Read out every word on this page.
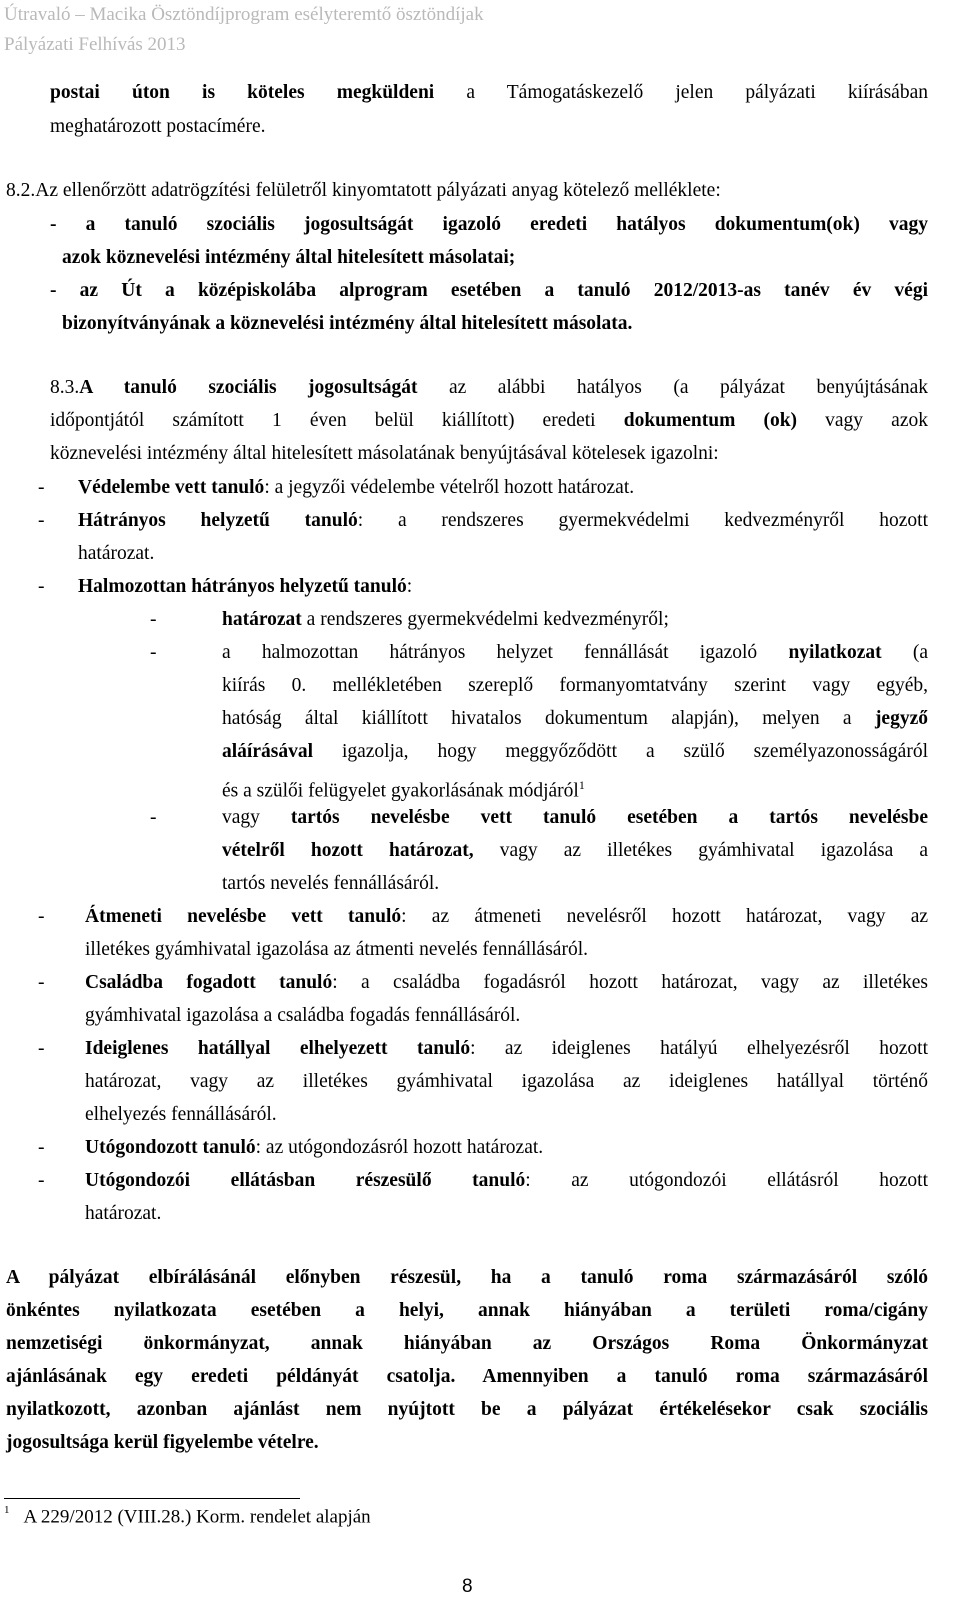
Útravaló – Macika Ösztöndíjprogram esélyteremtő ösztöndíjak
Pályázati Felhívás 2013
postai úton is köteles megküldeni a Támogatáskezelő jelen pályázati kiírásában
meghatározott postacímére.
8.2.Az ellenőrzött adatrögzítési felületről kinyomtatott pályázati anyag kötelező melléklete:
- a tanuló szociális jogosultságát igazoló eredeti hatályos dokumentum(ok) vagy
azok köznevelési intézmény által hitelesített másolatai;
- az Út a középiskolába alprogram esetében a tanuló 2012/2013-as tanév év végi
bizonyítványának a köznevelési intézmény által hitelesített másolata.
8.3.A tanuló szociális jogosultságát az alábbi hatályos (a pályázat benyújtásának
időpontjától számított 1 éven belül kiállított) eredeti dokumentum (ok) vagy azok
köznevelési intézmény által hitelesített másolatának benyújtásával kötelesek igazolni:
- Védelembe vett tanuló: a jegyzői védelembe vételről hozott határozat.
- Hátrányos helyzetű tanuló: a rendszeres gyermekvédelmi kedvezményről hozott
határozat.
- Halmozottan hátrányos helyzetű tanuló:
-	határozat a rendszeres gyermekvédelmi kedvezményről;
-	a halmozottan hátrányos helyzet fennállását igazoló nyilatkozat (a
kiírás 0. mellékletében szereplő formanyomtatvány szerint vagy egyéb,
hatóság által kiállított hivatalos dokumentum alapján), melyen a jegyző
aláírásával igazolja, hogy meggyőződött a szülő személyazonosságáról
és a szülői felügyelet gyakorlásának módjáról$^1$
-	vagy tartós nevelésbe vett tanuló esetében a tartós nevelésbe
vételről hozott határozat, vagy az illetékes gyámhivatal igazolása a
tartós nevelés fennállásáról.
- Átmeneti nevelésbe vett tanuló: az átmeneti nevelésről hozott határozat, vagy az
illetékes gyámhivatal igazolása az átmenti nevelés fennállásáról.
- Családba fogadott tanuló: a családba fogadásról hozott határozat, vagy az illetékes
gyámhivatal igazolása a családba fogadás fennállásáról.
- Ideiglenes hatállyal elhelyezett tanuló: az ideiglenes hatályú elhelyezésről hozott
határozat, vagy az illetékes gyámhivatal igazolása az ideiglenes hatállyal történő
elhelyezés fennállásáról.
- Utógondozott tanuló: az utógondozásról hozott határozat.
- Utógondozói ellátásban részesülő tanuló: az utógondozói ellátásról hozott
határozat.
A pályázat elbírálásánál előnyben részesül, ha a tanuló roma származásáról szóló
önkéntes nyilatkozata esetében a helyi, annak hiányában a területi roma/cigány
nemzetiségi önkormányzat, annak hiányában az Országos Roma Önkormányzat
ajánlásának egy eredeti példányát csatolja. Amennyiben a tanuló roma származásáról
nyilatkozott, azonban ajánlást nem nyújtott be a pályázat értékelésekor csak szociális
jogosultsága kerül figyelembe vételre.
$^1$ A 229/2012 (VIII.28.) Korm. rendelet alapján
8
